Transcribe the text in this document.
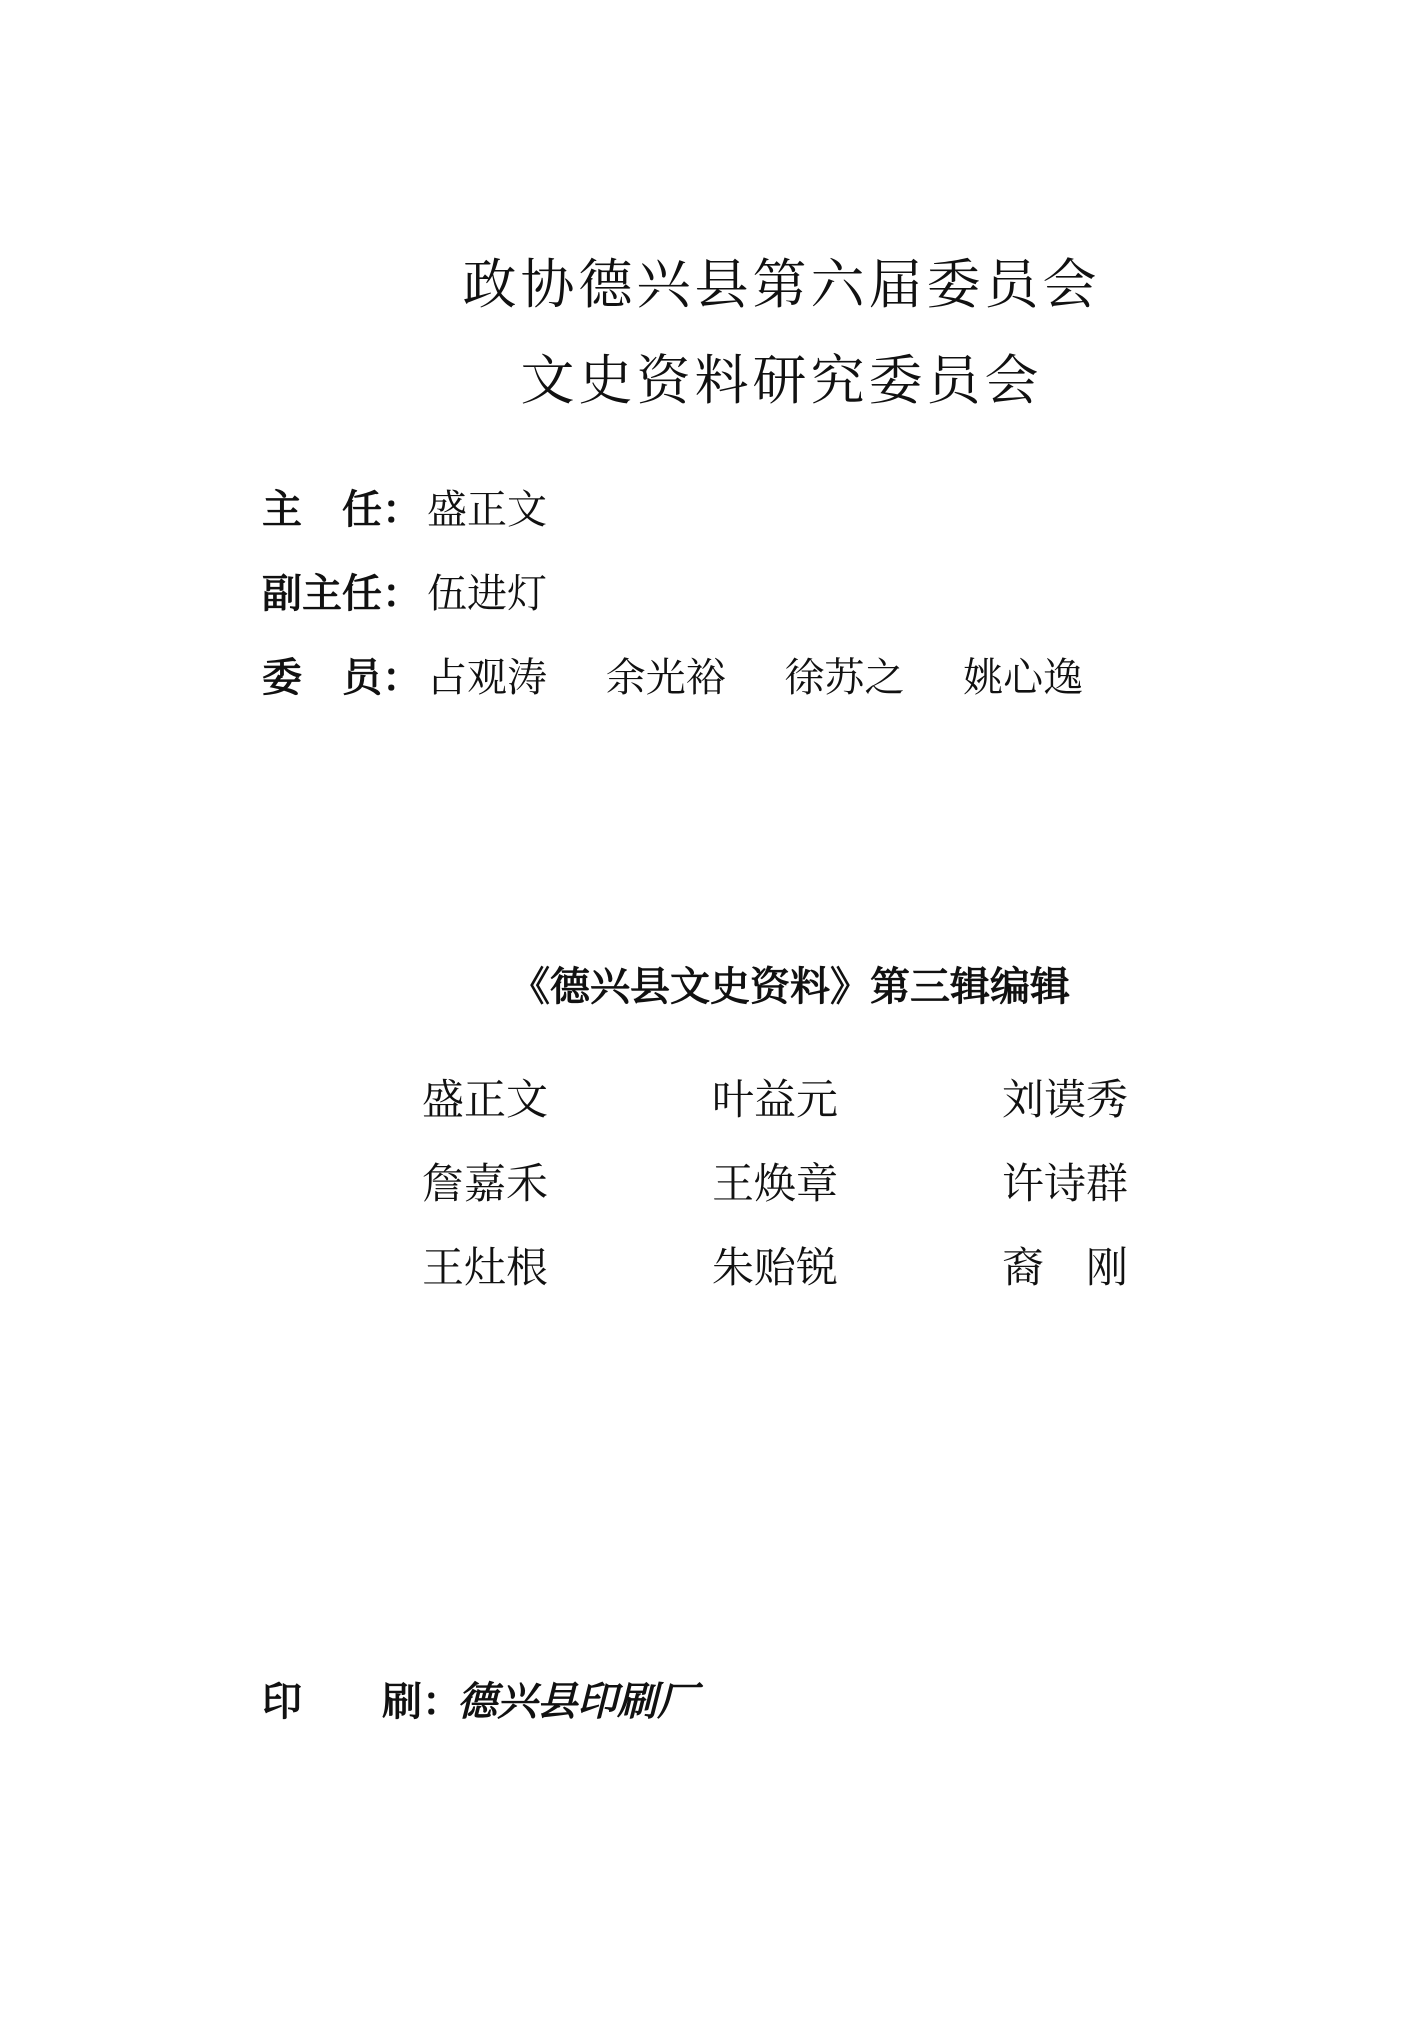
政协德兴县第六届委员会
文史资料研究委员会
主　任： 盛正文
副主任： 伍进灯
委　员： 占观涛 余光裕 徐苏之 姚心逸
《德兴县文史资料》第三辑编辑
盛正文	叶益元	刘谟秀
詹嘉禾	王焕章	许诗群
王灶根	朱贻锐	裔　刚
印　　刷：
德兴县印刷厂
